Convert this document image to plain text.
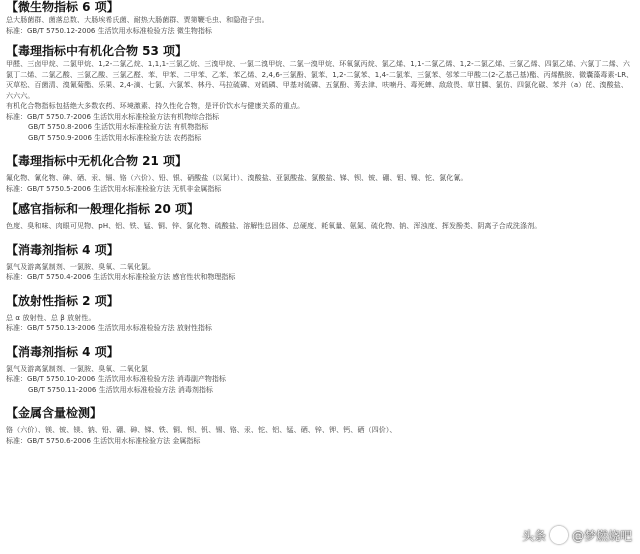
【微生物指标 6 项】
总大肠菌群、菌落总数、大肠埃希氏菌、耐热大肠菌群、贾第鞭毛虫、和隐孢子虫。
标准：GB/T 5750.12-2006 生活饮用水标准检验方法 微生物指标
【毒理指标中有机化合物 53 项】
甲醛、三卤甲烷、二氯甲烷、1,2-二氯乙烷、1,1,1-三氯乙烷、三溴甲烷、一氯二溴甲烷、二氯一溴甲烷、环氧氯丙烷、氯乙烯、1,1-二氯乙烯、1,2-二氯乙烯、三氯乙烯、四氯乙烯、六氯丁二烯、六氯丁二烯、二氯乙酸、三氯乙酸、三氯乙醛、苯、甲苯、二甲苯、乙苯、苯乙烯、2,4,6-三氯酚、氯苯、1,2-二氯苯、1,4-二氯苯、三氯苯、邻苯二甲酸二(2-乙基己基)酯、丙烯酰胺、微囊藻毒素-LR、灭草松、百菌清、溴氰菊酯、乐果、2,4-滴、七氯、六氯苯、林丹、马拉硫磷、对硫磷、甲基对硫磷、五氯酚、莠去津、呋喃丹、毒死蜱、敌敌畏、草甘膦、氯仿、四氯化碳、苯并（a）芘、溴酸盐、六六六。
有机化合物指标包括绝大多数农药、环境激素、持久性化合物，是评价饮水与健康关系的重点。
标准：GB/T 5750.7-2006 生活饮用水标准检验方法有机物综合指标
GB/T 5750.8-2006 生活饮用水标准检验方法 有机物指标
GB/T 5750.9-2006 生活饮用水标准检验方法 农药指标
【毒理指标中无机化合物 21 项】
氟化物、氰化物、砷、硒、汞、镉、铬（六价）、铅、银、硝酸盐（以氮计）、溴酸盐、亚氯酸盐、氯酸盐、锑、钡、铍、硼、钼、镍、铊、氯化氰。
标准：GB/T 5750.5-2006 生活饮用水标准检验方法 无机非金属指标
【感官指标和一般理化指标 20 项】
色度、臭和味、肉眼可见物、pH、铝、铁、锰、铜、锌、氯化物、硫酸盐、溶解性总固体、总硬度、耗氧量、氨氮、硫化物、钠、浑浊度、挥发酚类、阴离子合成洗涤剂。
【消毒剂指标 4 项】
氯气及游离氯制剂、一氯胺、臭氧、二氧化氯。
标准：GB/T 5750.4-2006 生活饮用水标准检验方法 感官性状和物理指标
【放射性指标 2 项】
总 α 放射性、总 β 放射性。
标准：GB/T 5750.13-2006 生活饮用水标准检验方法 放射性指标
【消毒剂指标 4 项】
氯气及游离氯制剂、一氯胺、臭氧、二氧化氯
标准：GB/T 5750.10-2006 生活饮用水标准检验方法 消毒副产物指标
GB/T 5750.11-2006 生活饮用水标准检验方法 消毒剂指标
【金属含量检测】
铬（六价）、镁、铍、镁、钠、铅、硼、砷、锑、铁、铜、钡、钒、锡、铬、汞、铊、铝、锰、硒、锌、钾、钙、硒（四价）、
标准：GB/T 5750.6-2006 生活饮用水标准检验方法 金属指标
头条 @梦燃烧吧
